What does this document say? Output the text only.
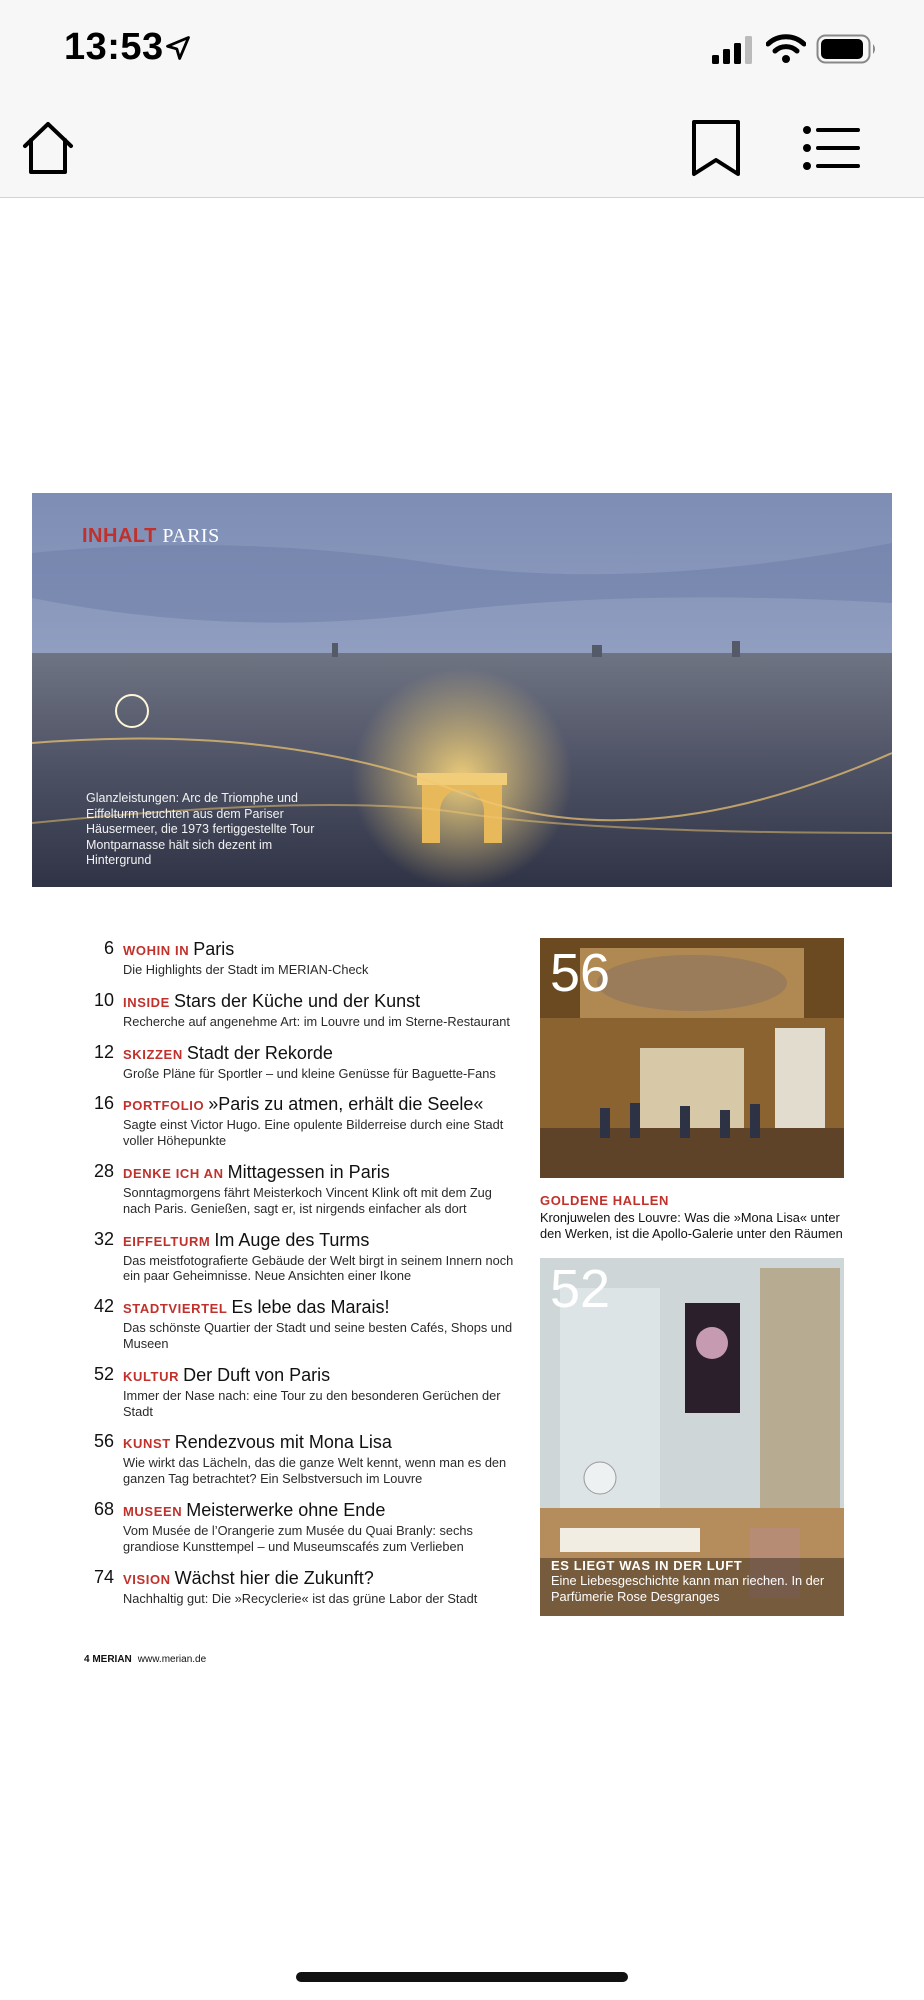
13:53
INHALT PARIS
Glanzleistungen: Arc de Triomphe und Eiffelturm leuchten aus dem Pariser Häusermeer, die 1973 fertiggestellte Tour Montparnasse hält sich dezent im Hintergrund
6 WOHIN IN Paris
Die Highlights der Stadt im MERIAN-Check
10 INSIDE Stars der Küche und der Kunst
Recherche auf angenehme Art: im Louvre und im Sterne-Restaurant
12 SKIZZEN Stadt der Rekorde
Große Pläne für Sportler – und kleine Genüsse für Baguette-Fans
16 PORTFOLIO »Paris zu atmen, erhält die Seele«
Sagte einst Victor Hugo. Eine opulente Bilderreise durch eine Stadt voller Höhepunkte
28 DENKE ICH AN Mittagessen in Paris
Sonntagmorgens fährt Meisterkoch Vincent Klink oft mit dem Zug nach Paris. Genießen, sagt er, ist nirgends einfacher als dort
32 EIFFELTURM Im Auge des Turms
Das meistfotografierte Gebäude der Welt birgt in seinem Innern noch ein paar Geheimnisse. Neue Ansichten einer Ikone
42 STADTVIERTEL Es lebe das Marais!
Das schönste Quartier der Stadt und seine besten Cafés, Shops und Museen
52 KULTUR Der Duft von Paris
Immer der Nase nach: eine Tour zu den besonderen Gerüchen der Stadt
56 KUNST Rendezvous mit Mona Lisa
Wie wirkt das Lächeln, das die ganze Welt kennt, wenn man es den ganzen Tag betrachtet? Ein Selbstversuch im Louvre
68 MUSEEN Meisterwerke ohne Ende
Vom Musée de l’Orangerie zum Musée du Quai Branly: sechs grandiose Kunsttempel – und Museumscafés zum Verlieben
74 VISION Wächst hier die Zukunft?
Nachhaltig gut: Die »Recyclerie« ist das grüne Labor der Stadt
56
GOLDENE HALLEN
Kronjuwelen des Louvre: Was die »Mona Lisa« unter den Werken, ist die Apollo-Galerie unter den Räumen
52
ES LIEGT WAS IN DER LUFT
Eine Liebesgeschichte kann man riechen. In der Parfümerie Rose Desgranges
4 MERIAN www.merian.de
